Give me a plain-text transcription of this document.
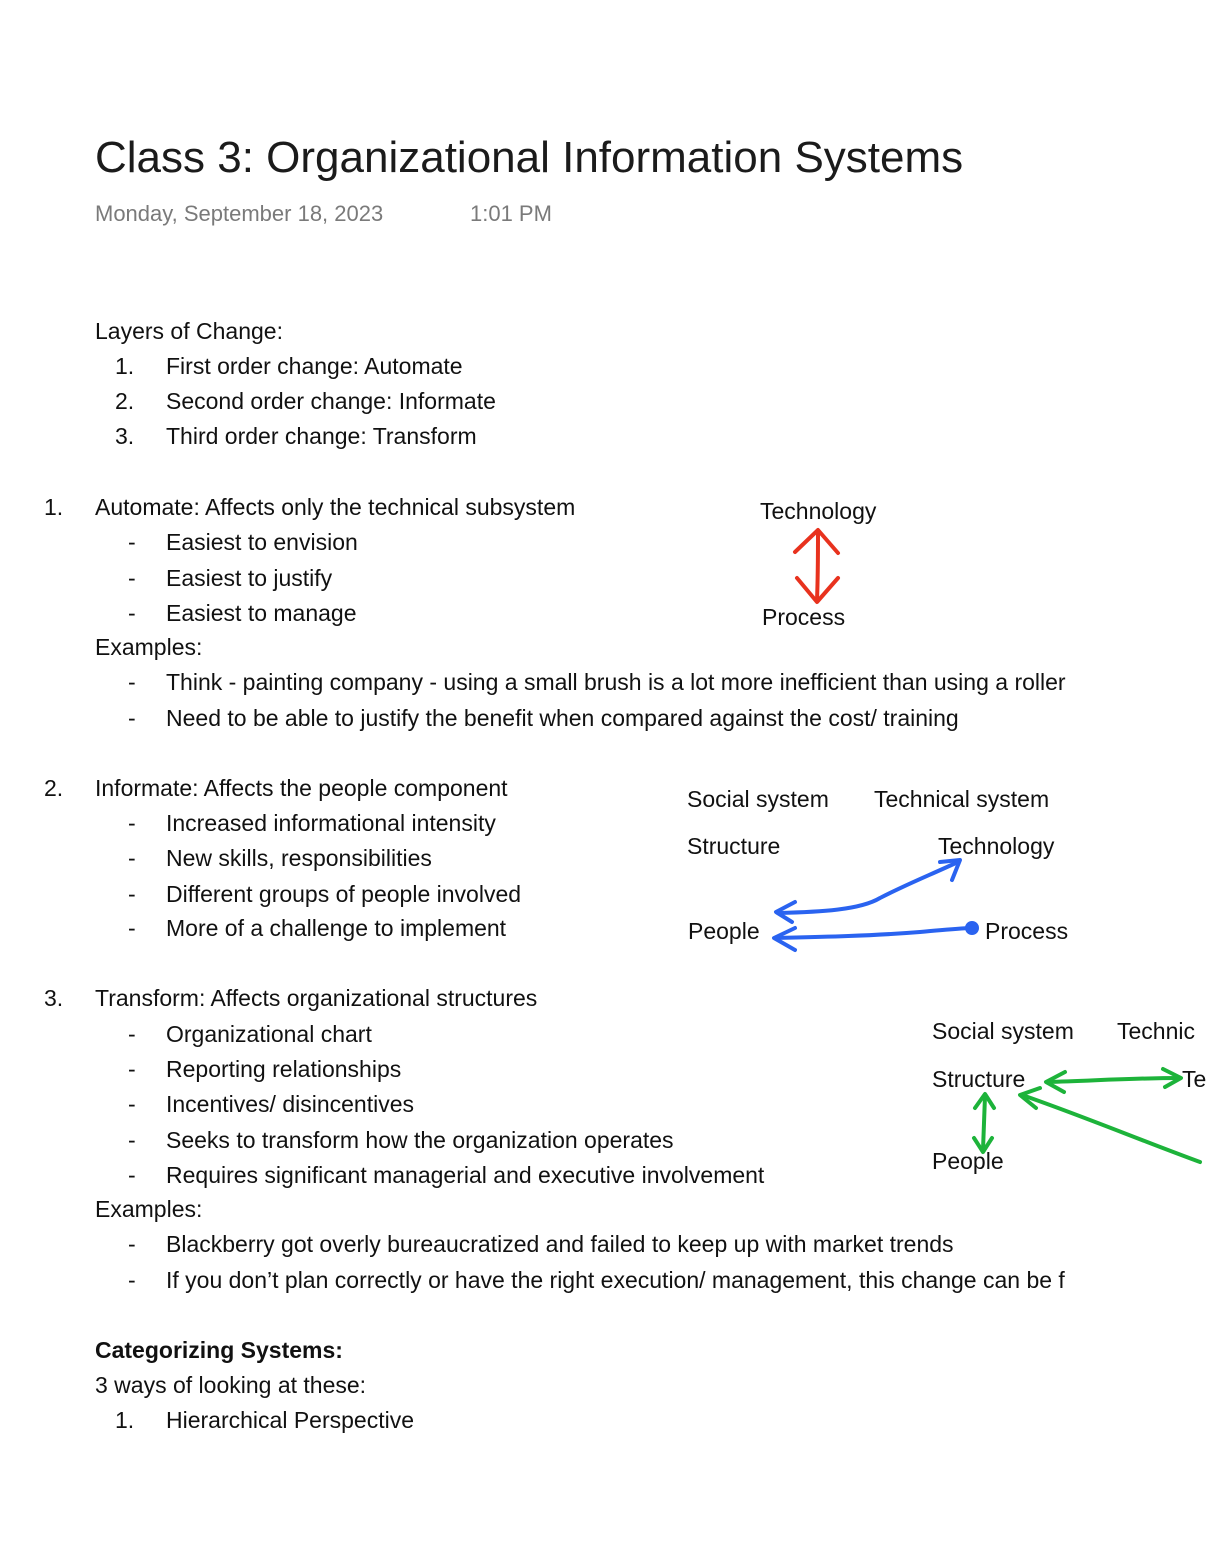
Class 3: Organizational Information Systems
Monday, September 18, 2023	1:01 PM
Layers of Change:
1. First order change: Automate
2. Second order change: Informate
3. Third order change: Transform
1. Automate: Affects only the technical subsystem
- Easiest to envision
- Easiest to justify
- Easiest to manage
Examples:
- Think - painting company - using a small brush is a lot more inefficient than using a roller
- Need to be able to justify the benefit when compared against the cost/ training
2. Informate: Affects the people component
- Increased informational intensity
- New skills, responsibilities
- Different groups of people involved
- More of a challenge to implement
3. Transform: Affects organizational structures
- Organizational chart
- Reporting relationships
- Incentives/ disincentives
- Seeks to transform how the organization operates
- Requires significant managerial and executive involvement
Examples:
- Blackberry got overly bureaucratized and failed to keep up with market trends
- If you don’t plan correctly or have the right execution/ management, this change can be f
Categorizing Systems:
3 ways of looking at these:
1. Hierarchical Perspective
Technology
Process
Social system Technical system
Structure	Technology
People	Process
Social system Technic
Structure	Te
People
